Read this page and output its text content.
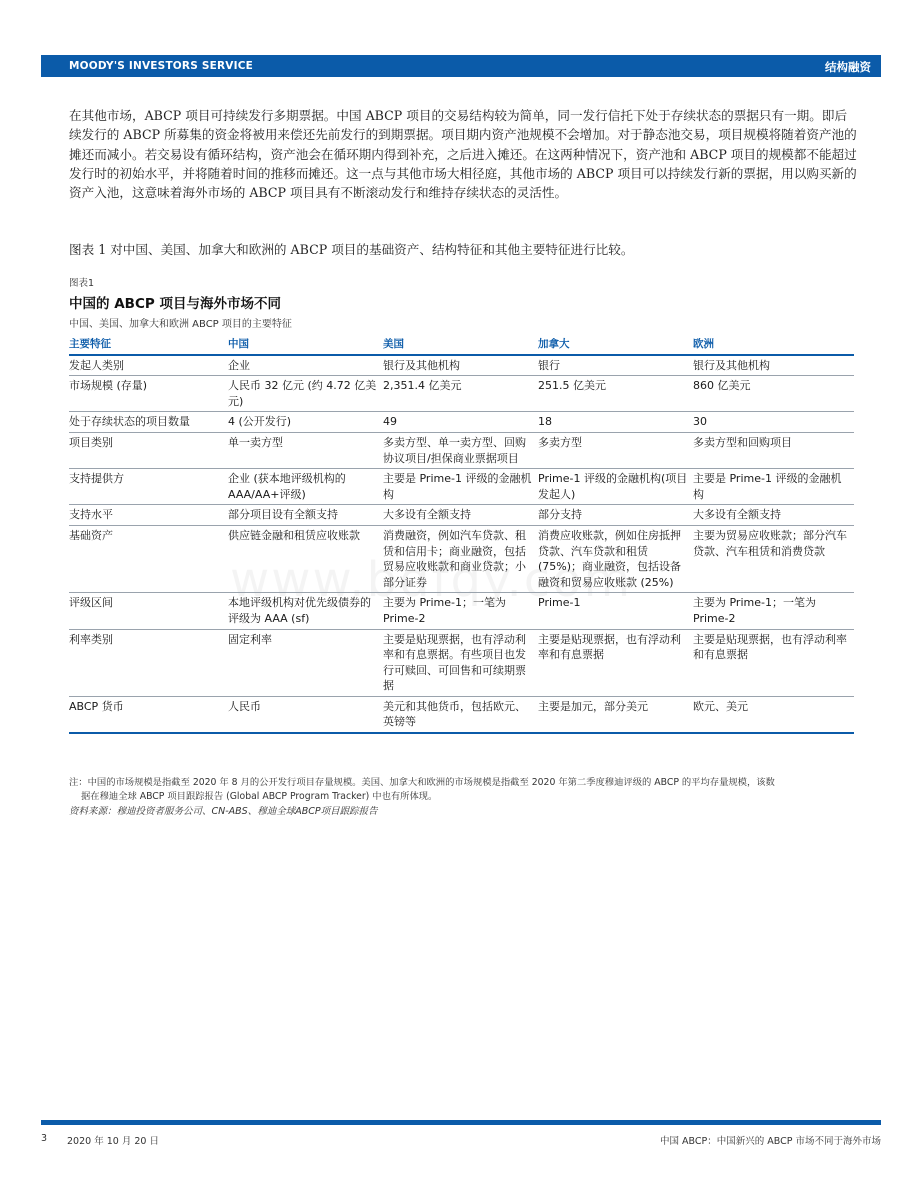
MOODY'S INVESTORS SERVICE	结构融资

在其他市场，ABCP 项目可持续发行多期票据。中国 ABCP 项目的交易结构较为简单，同一发行信托下处于存续状态的票据只有一期。即后续发行的 ABCP 所募集的资金将被用来偿还先前发行的到期票据。项目期内资产池规模不会增加。对于静态池交易，项目规模将随着资产池的摊还而减小。若交易设有循环结构，资产池会在循环期内得到补充，之后进入摊还。在这两种情况下，资产池和 ABCP 项目的规模都不能超过发行时的初始水平，并将随着时间的推移而摊还。这一点与其他市场大相径庭，其他市场的 ABCP 项目可以持续发行新的票据，用以购买新的资产入池，这意味着海外市场的 ABCP 项目具有不断滚动发行和维持存续状态的灵活性。

图表 1 对中国、美国、加拿大和欧洲的 ABCP 项目的基础资产、结构特征和其他主要特征进行比较。

图表1
中国的 ABCP 项目与海外市场不同
中国、美国、加拿大和欧洲 ABCP 项目的主要特征
主要特征	中国	美国	加拿大	欧洲
发起人类别	企业	银行及其他机构	银行	银行及其他机构
市场规模 (存量)	人民币 32 亿元 (约 4.72 亿美元)	2,351.4 亿美元	251.5 亿美元	860 亿美元
处于存续状态的项目数量	4 (公开发行)	49	18	30
项目类别	单一卖方型	多卖方型、单一卖方型、回购协议项目/担保商业票据项目	多卖方型	多卖方型和回购项目
支持提供方	企业 (获本地评级机构的AAA/AA+评级)	主要是 Prime-1 评级的金融机构	Prime-1 评级的金融机构(项目发起人)	主要是 Prime-1 评级的金融机构
支持水平	部分项目设有全额支持	大多设有全额支持	部分支持	大多设有全额支持
基础资产	供应链金融和租赁应收账款	消费融资，例如汽车贷款、租赁和信用卡；商业融资，包括贸易应收账款和商业贷款；小部分证券	消费应收账款，例如住房抵押贷款、汽车贷款和租赁 (75%)；商业融资，包括设备融资和贸易应收账款 (25%)	主要为贸易应收账款；部分汽车贷款、汽车租赁和消费贷款
评级区间	本地评级机构对优先级债券的评级为 AAA (sf)	主要为 Prime-1；一笔为 Prime-2	Prime-1	主要为 Prime-1；一笔为 Prime-2
利率类别	固定利率	主要是贴现票据，也有浮动利率和有息票据。有些项目也发行可赎回、可回售和可续期票据	主要是贴现票据，也有浮动利率和有息票据	主要是贴现票据，也有浮动利率和有息票据
ABCP 货币	人民币	美元和其他货币，包括欧元、英镑等	主要是加元，部分美元	欧元、美元
注：中国的市场规模是指截至 2020 年 8 月的公开发行项目存量规模。美国、加拿大和欧洲的市场规模是指截至 2020 年第二季度穆迪评级的 ABCP 的平均存量规模，该数
据在穆迪全球 ABCP 项目跟踪报告 (Global ABCP Program Tracker) 中也有所体现。
资料来源：穆迪投资者服务公司、CN-ABS、穆迪全球ABCP项目跟踪报告
3 2020 年 10 月 20 日	中国 ABCP：中国新兴的 ABCP 市场不同于海外市场
